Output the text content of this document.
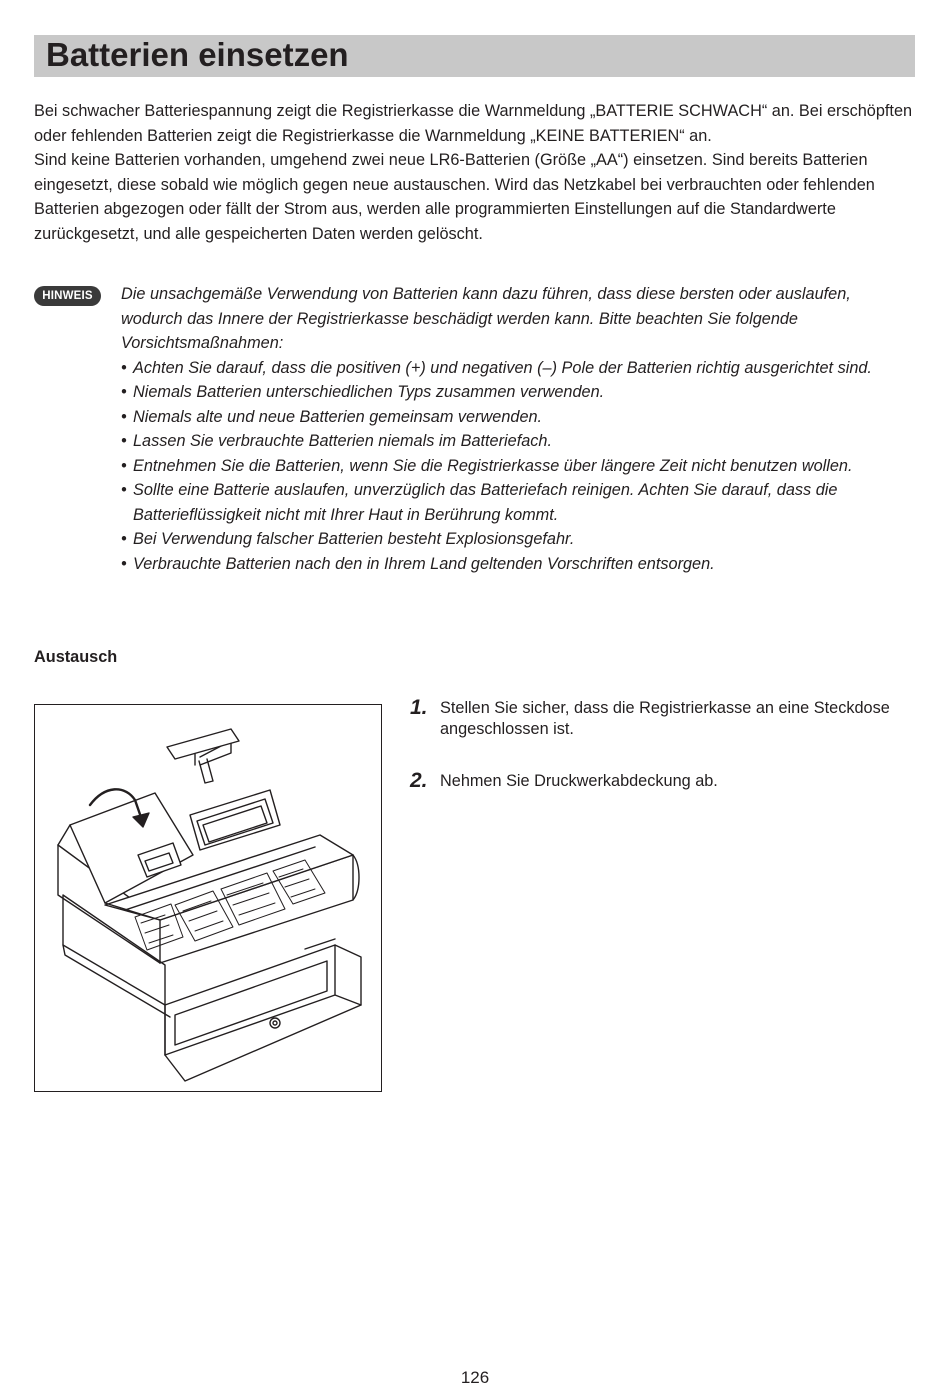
Batterien einsetzen

Bei schwacher Batteriespannung zeigt die Registrierkasse die Warnmeldung „BATTERIE SCHWACH“ an. Bei erschöpften oder fehlenden Batterien zeigt die Registrierkasse die Warnmeldung „KEINE BATTERIEN“ an.

Sind keine Batterien vorhanden, umgehend zwei neue LR6-Batterien (Größe „AA“) einsetzen. Sind bereits Batterien eingesetzt, diese sobald wie möglich gegen neue austauschen. Wird das Netzkabel bei verbrauchten oder fehlenden Batterien abgezogen oder fällt der Strom aus, werden alle programmierten Einstellungen auf die Standardwerte zurückgesetzt, und alle gespeicherten Daten werden gelöscht.

HINWEIS	Die unsachgemäße Verwendung von Batterien kann dazu führen, dass diese bersten oder auslaufen, wodurch das Innere der Registrierkasse beschädigt werden kann. Bitte beachten Sie folgende Vorsichtsmaßnahmen:

• Achten Sie darauf, dass die positiven (+) und negativen (–) Pole der Batterien richtig ausgerichtet sind.
• Niemals Batterien unterschiedlichen Typs zusammen verwenden.
• Niemals alte und neue Batterien gemeinsam verwenden.
• Lassen Sie verbrauchte Batterien niemals im Batteriefach.
• Entnehmen Sie die Batterien, wenn Sie die Registrierkasse über längere Zeit nicht benutzen wollen.
• Sollte eine Batterie auslaufen, unverzüglich das Batteriefach reinigen. Achten Sie darauf, dass die Batterieflüssigkeit nicht mit Ihrer Haut in Berührung kommt.
• Bei Verwendung falscher Batterien besteht Explosionsgefahr.
• Verbrauchte Batterien nach den in Ihrem Land geltenden Vorschriften entsorgen.
Austausch
1. Stellen Sie sicher, dass die Registrierkasse an eine Steckdose angeschlossen ist.
2. Nehmen Sie Druckwerkabdeckung ab.
126
